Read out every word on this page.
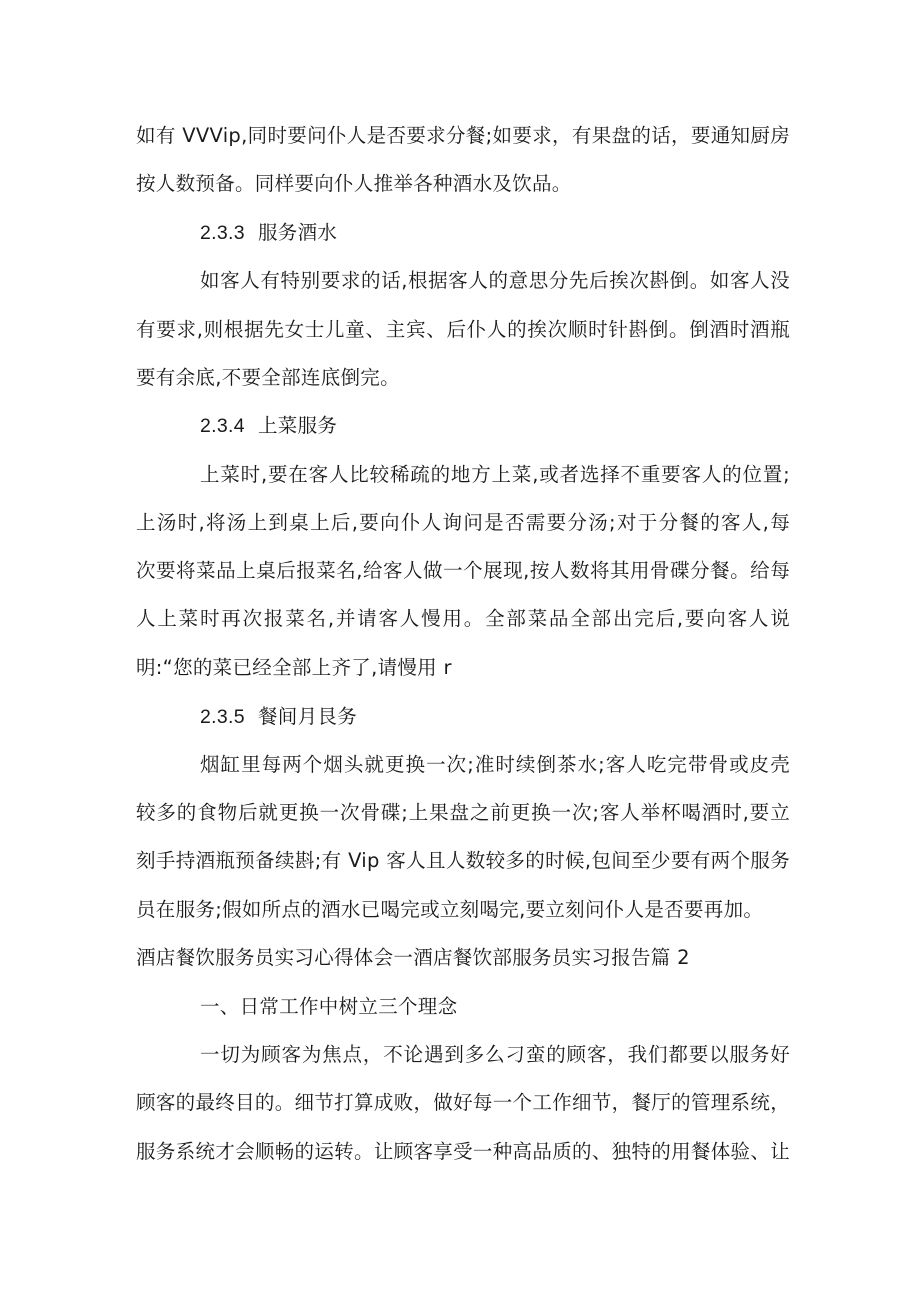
如有 VVVip,同时要问仆人是否要求分餐;如要求，有果盘的话，要通知厨房
按人数预备。同样要向仆人推举各种酒水及饮品。
2.3.3 服务酒水
如客人有特别要求的话,根据客人的意思分先后挨次斟倒。如客人没
有要求,则根据先女士儿童、主宾、后仆人的挨次顺时针斟倒。倒酒时酒瓶
要有余底,不要全部连底倒完。
2.3.4 上菜服务
上菜时,要在客人比较稀疏的地方上菜,或者选择不重要客人的位置;
上汤时,将汤上到桌上后,要向仆人询问是否需要分汤;对于分餐的客人,每
次要将菜品上桌后报菜名,给客人做一个展现,按人数将其用骨碟分餐。给每
人上菜时再次报菜名,并请客人慢用。全部菜品全部出完后,要向客人说
明:“您的菜已经全部上齐了,请慢用 r
2.3.5 餐间月艮务
烟缸里每两个烟头就更换一次;准时续倒茶水;客人吃完带骨或皮壳
较多的食物后就更换一次骨碟;上果盘之前更换一次;客人举杯喝酒时,要立
刻手持酒瓶预备续斟;有 Vip 客人且人数较多的时候,包间至少要有两个服务
员在服务;假如所点的酒水已喝完或立刻喝完,要立刻问仆人是否要再加。
酒店餐饮服务员实习心得体会一酒店餐饮部服务员实习报告篇 2
一、日常工作中树立三个理念
一切为顾客为焦点，不论遇到多么刁蛮的顾客，我们都要以服务好
顾客的最终目的。细节打算成败，做好每一个工作细节，餐厅的管理系统，
服务系统才会顺畅的运转。让顾客享受一种高品质的、独特的用餐体验、让
